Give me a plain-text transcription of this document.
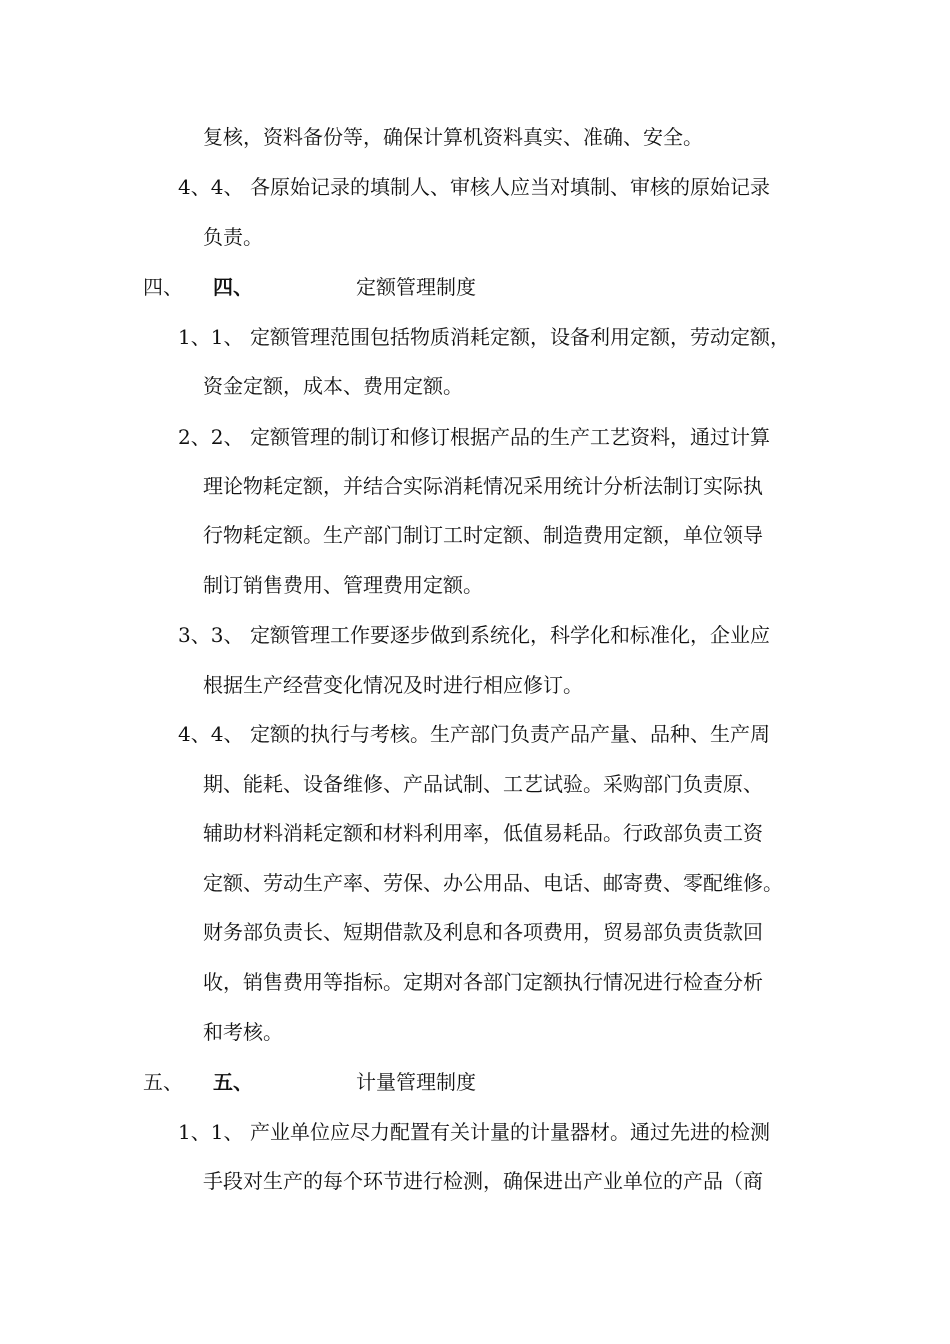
复核，资料备份等，确保计算机资料真实、准确、安全。
4、4、 各原始记录的填制人、审核人应当对填制、审核的原始记录
负责。
四、 四、	定额管理制度
1、1、 定额管理范围包括物质消耗定额，设备利用定额，劳动定额，
资金定额，成本、费用定额。
2、2、 定额管理的制订和修订根据产品的生产工艺资料，通过计算
理论物耗定额，并结合实际消耗情况采用统计分析法制订实际执
行物耗定额。生产部门制订工时定额、制造费用定额，单位领导
制订销售费用、管理费用定额。
3、3、 定额管理工作要逐步做到系统化，科学化和标准化，企业应
根据生产经营变化情况及时进行相应修订。
4、4、 定额的执行与考核。生产部门负责产品产量、品种、生产周
期、能耗、设备维修、产品试制、工艺试验。采购部门负责原、
辅助材料消耗定额和材料利用率，低值易耗品。行政部负责工资
定额、劳动生产率、劳保、办公用品、电话、邮寄费、零配维修。
财务部负责长、短期借款及利息和各项费用，贸易部负责货款回
收，销售费用等指标。定期对各部门定额执行情况进行检查分析
和考核。
五、 五、	计量管理制度
1、1、 产业单位应尽力配置有关计量的计量器材。通过先进的检测
手段对生产的每个环节进行检测，确保进出产业单位的产品（商
